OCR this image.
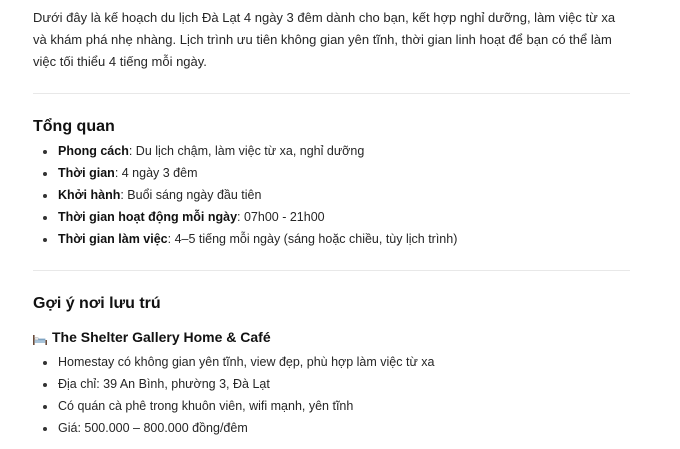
Dưới đây là kế hoạch du lịch Đà Lạt 4 ngày 3 đêm dành cho bạn, kết hợp nghỉ dưỡng, làm việc từ xa và khám phá nhẹ nhàng. Lịch trình ưu tiên không gian yên tĩnh, thời gian linh hoạt để bạn có thể làm việc tối thiểu 4 tiếng mỗi ngày.

Tổng quan
Phong cách: Du lịch chậm, làm việc từ xa, nghỉ dưỡng
Thời gian: 4 ngày 3 đêm
Khởi hành: Buổi sáng ngày đầu tiên
Thời gian hoạt động mỗi ngày: 07h00 - 21h00
Thời gian làm việc: 4–5 tiếng mỗi ngày (sáng hoặc chiều, tùy lịch trình)
Gợi ý nơi lưu trú
The Shelter Gallery Home & Café
Homestay có không gian yên tĩnh, view đẹp, phù hợp làm việc từ xa
Địa chỉ: 39 An Bình, phường 3, Đà Lạt
Có quán cà phê trong khuôn viên, wifi mạnh, yên tĩnh
Giá: 500.000 – 800.000 đồng/đêm
